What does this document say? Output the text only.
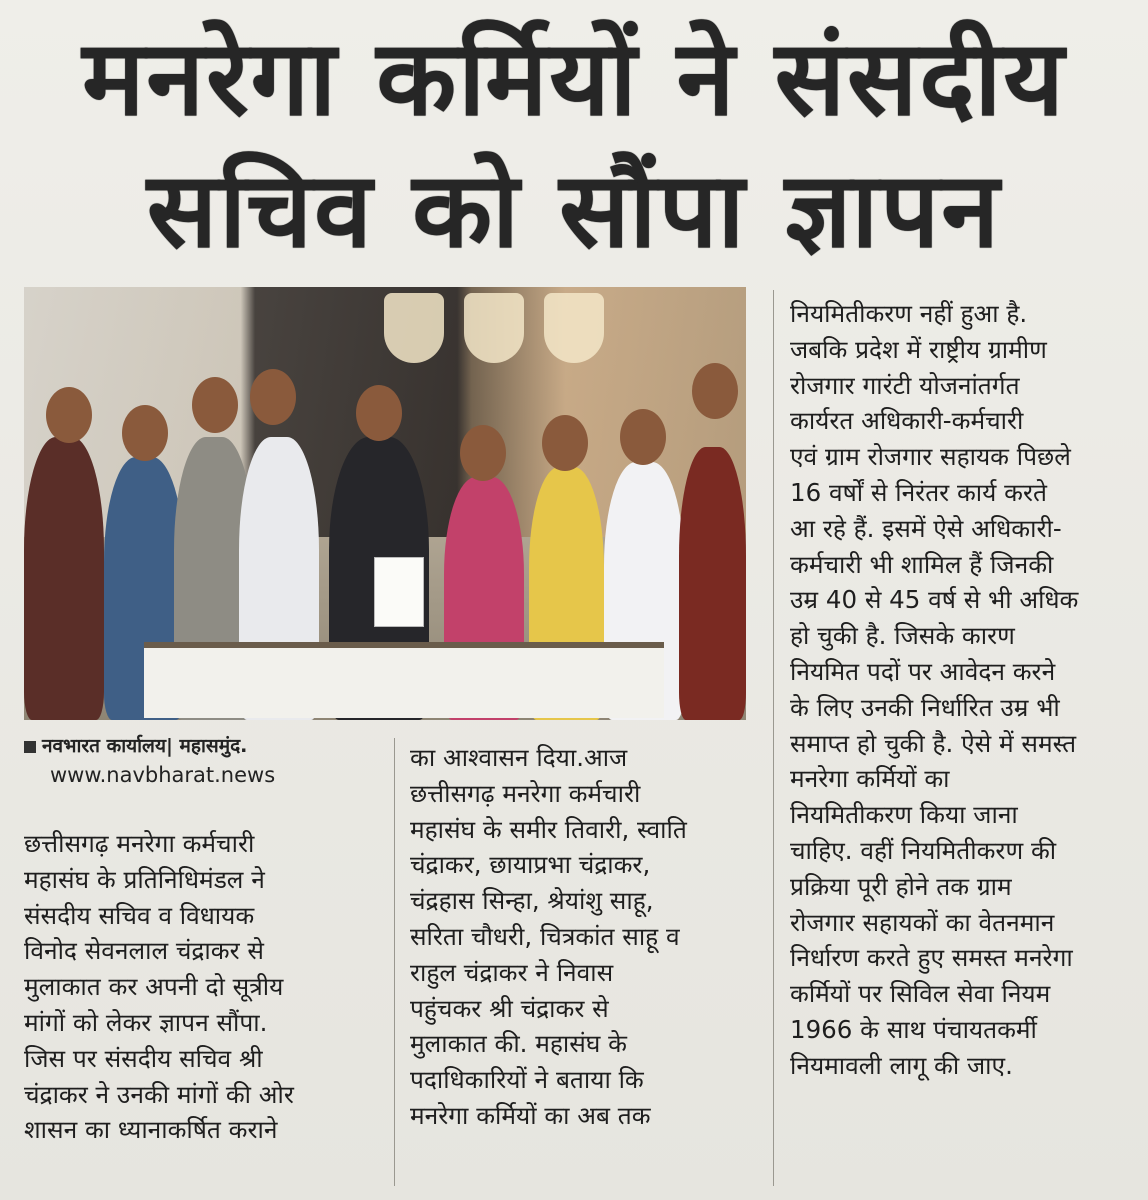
मनरेगा कर्मियों ने संसदीय
सचिव को सौंपा ज्ञापन
नवभारत कार्यालय| महासमुंद.
www.navbharat.news
छत्तीसगढ़ मनरेगा कर्मचारी
महासंघ के प्रतिनिधिमंडल ने
संसदीय सचिव व विधायक
विनोद सेवनलाल चंद्राकर से
मुलाकात कर अपनी दो सूत्रीय
मांगों को लेकर ज्ञापन सौंपा.
जिस पर संसदीय सचिव श्री
चंद्राकर ने उनकी मांगों की ओर
शासन का ध्यानाकर्षित कराने
का आश्वासन दिया.आज
छत्तीसगढ़ मनरेगा कर्मचारी
महासंघ के समीर तिवारी, स्वाति
चंद्राकर, छायाप्रभा चंद्राकर,
चंद्रहास सिन्हा, श्रेयांशु साहू,
सरिता चौधरी, चित्रकांत साहू व
राहुल चंद्राकर ने निवास
पहुंचकर श्री चंद्राकर से
मुलाकात की. महासंघ के
पदाधिकारियों ने बताया कि
मनरेगा कर्मियों का अब तक
नियमितीकरण नहीं हुआ है.
जबकि प्रदेश में राष्ट्रीय ग्रामीण
रोजगार गारंटी योजनांतर्गत
कार्यरत अधिकारी-कर्मचारी
एवं ग्राम रोजगार सहायक पिछले
16 वर्षों से निरंतर कार्य करते
आ रहे हैं. इसमें ऐसे अधिकारी-
कर्मचारी भी शामिल हैं जिनकी
उम्र 40 से 45 वर्ष से भी अधिक
हो चुकी है. जिसके कारण
नियमित पदों पर आवेदन करने
के लिए उनकी निर्धारित उम्र भी
समाप्त हो चुकी है. ऐसे में समस्त
मनरेगा कर्मियों का
नियमितीकरण किया जाना
चाहिए. वहीं नियमितीकरण की
प्रक्रिया पूरी होने तक ग्राम
रोजगार सहायकों का वेतनमान
निर्धारण करते हुए समस्त मनरेगा
कर्मियों पर सिविल सेवा नियम
1966 के साथ पंचायतकर्मी
नियमावली लागू की जाए.
